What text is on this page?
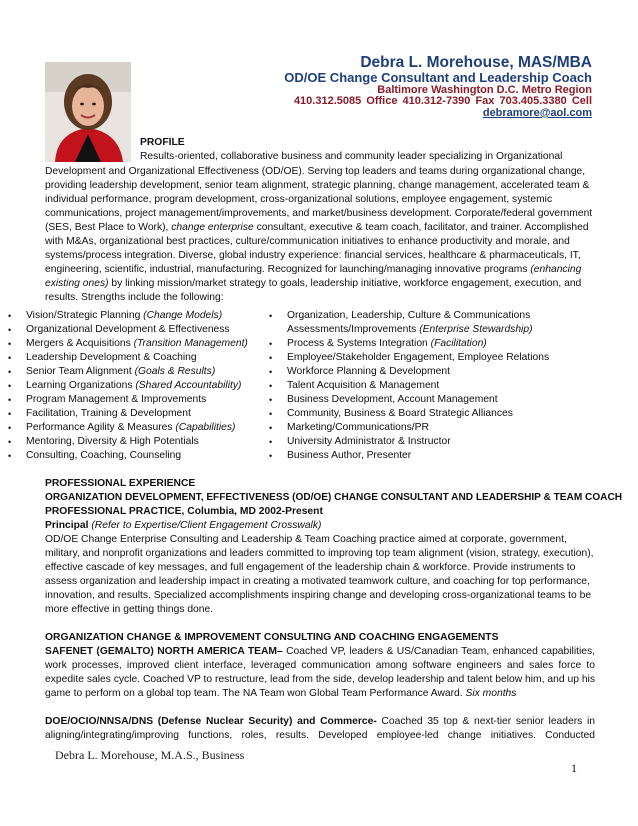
Debra L. Morehouse, MAS/MBA
OD/OE Change Consultant and Leadership Coach
Baltimore Washington D.C. Metro Region
410.312.5085 Office 410.312-7390 Fax 703.405.3380 Cell
debramore@aol.com
PROFILE
Results-oriented, collaborative business and community leader specializing in Organizational
Development and Organizational Effectiveness (OD/OE). Serving top leaders and teams during organizational change, providing leadership development, senior team alignment, strategic planning, change management, accelerated team & individual performance, program development, cross-organizational solutions, employee engagement, systemic communications, project management/improvements, and market/business development. Corporate/federal government (SES, Best Place to Work), change enterprise consultant, executive & team coach, facilitator, and trainer. Accomplished with M&As, organizational best practices, culture/communication initiatives to enhance productivity and morale, and systems/process integration. Diverse, global industry experience: financial services, healthcare & pharmaceuticals, IT, engineering, scientific, industrial, manufacturing. Recognized for launching/managing innovative programs (enhancing existing ones) by linking mission/market strategy to goals, leadership initiative, workforce engagement, execution, and results. Strengths include the following:
• Vision/Strategic Planning (Change Models)
• Organizational Development & Effectiveness
• Mergers & Acquisitions (Transition Management)
• Leadership Development & Coaching
• Senior Team Alignment (Goals & Results)
• Learning Organizations (Shared Accountability)
• Program Management & Improvements
• Facilitation, Training & Development
• Performance Agility & Measures (Capabilities)
• Mentoring, Diversity & High Potentials
• Consulting, Coaching, Counseling
• Organization, Leadership, Culture & Communications Assessments/Improvements (Enterprise Stewardship)
• Process & Systems Integration (Facilitation)
• Employee/Stakeholder Engagement, Employee Relations
• Workforce Planning & Development
• Talent Acquisition & Management
• Business Development, Account Management
• Community, Business & Board Strategic Alliances
• Marketing/Communications/PR
• University Administrator & Instructor
• Business Author, Presenter
PROFESSIONAL EXPERIENCE
ORGANIZATION DEVELOPMENT, EFFECTIVENESS (OD/OE) CHANGE CONSULTANT AND LEADERSHIP & TEAM COACH
PROFESSIONAL PRACTICE, Columbia, MD 2002-Present
Principal (Refer to Expertise/Client Engagement Crosswalk)
OD/OE Change Enterprise Consulting and Leadership & Team Coaching practice aimed at corporate, government, military, and nonprofit organizations and leaders committed to improving top team alignment (vision, strategy, execution), effective cascade of key messages, and full engagement of the leadership chain & workforce. Provide instruments to assess organization and leadership impact in creating a motivated teamwork culture, and coaching for top performance, innovation, and results. Specialized accomplishments inspiring change and developing cross-organizational teams to be more effective in getting things done.
ORGANIZATION CHANGE & IMPROVEMENT CONSULTING AND COACHING ENGAGEMENTS
SAFENET (GEMALTO) NORTH AMERICA TEAM– Coached VP, leaders & US/Canadian Team, enhanced capabilities, work processes, improved client interface, leveraged communication among software engineers and sales force to expedite sales cycle. Coached VP to restructure, lead from the side, develop leadership and talent below him, and up his game to perform on a global top team. The NA Team won Global Team Performance Award. Six months
DOE/OCIO/NNSA/DNS (Defense Nuclear Security) and Commerce- Coached 35 top & next-tier senior leaders in aligning/integrating/improving functions, roles, results. Developed employee-led change initiatives. Conducted
Debra L. Morehouse, M.A.S., Business
1
